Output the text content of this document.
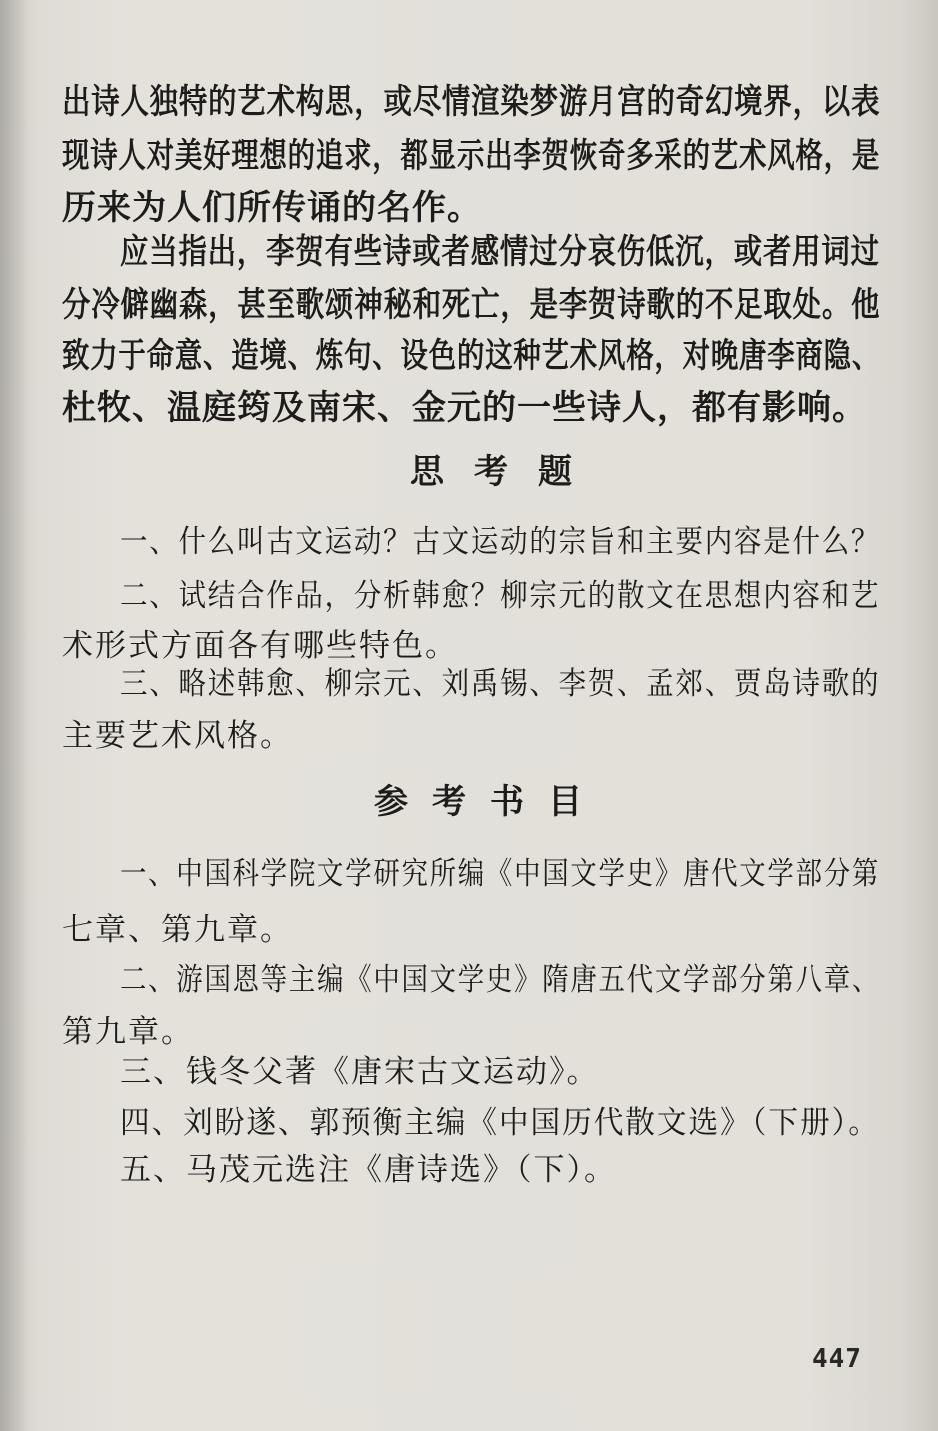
出诗人独特的艺术构思，或尽情渲染梦游月宫的奇幻境界，以表
现诗人对美好理想的追求，都显示出李贺恢奇多采的艺术风格，是
历来为人们所传诵的名作。
应当指出，李贺有些诗或者感情过分哀伤低沉，或者用词过
分冷僻幽森，甚至歌颂神秘和死亡，是李贺诗歌的不足取处。他
致力于命意、造境、炼句、设色的这种艺术风格，对晚唐李商隐、
杜牧、温庭筠及南宋、金元的一些诗人，都有影响。
思考题
一、什么叫古文运动？古文运动的宗旨和主要内容是什么？
二、试结合作品，分析韩愈？柳宗元的散文在思想内容和艺
术形式方面各有哪些特色。
三、略述韩愈、柳宗元、刘禹锡、李贺、孟郊、贾岛诗歌的
主要艺术风格。
参考书目
一、中国科学院文学研究所编《中国文学史》唐代文学部分第
七章、第九章。
二、游国恩等主编《中国文学史》隋唐五代文学部分第八章、
第九章。
三、钱冬父著《唐宋古文运动》。
四、刘盼遂、郭预衡主编《中国历代散文选》（下册）。
五、马茂元选注《唐诗选》（下）。
447
